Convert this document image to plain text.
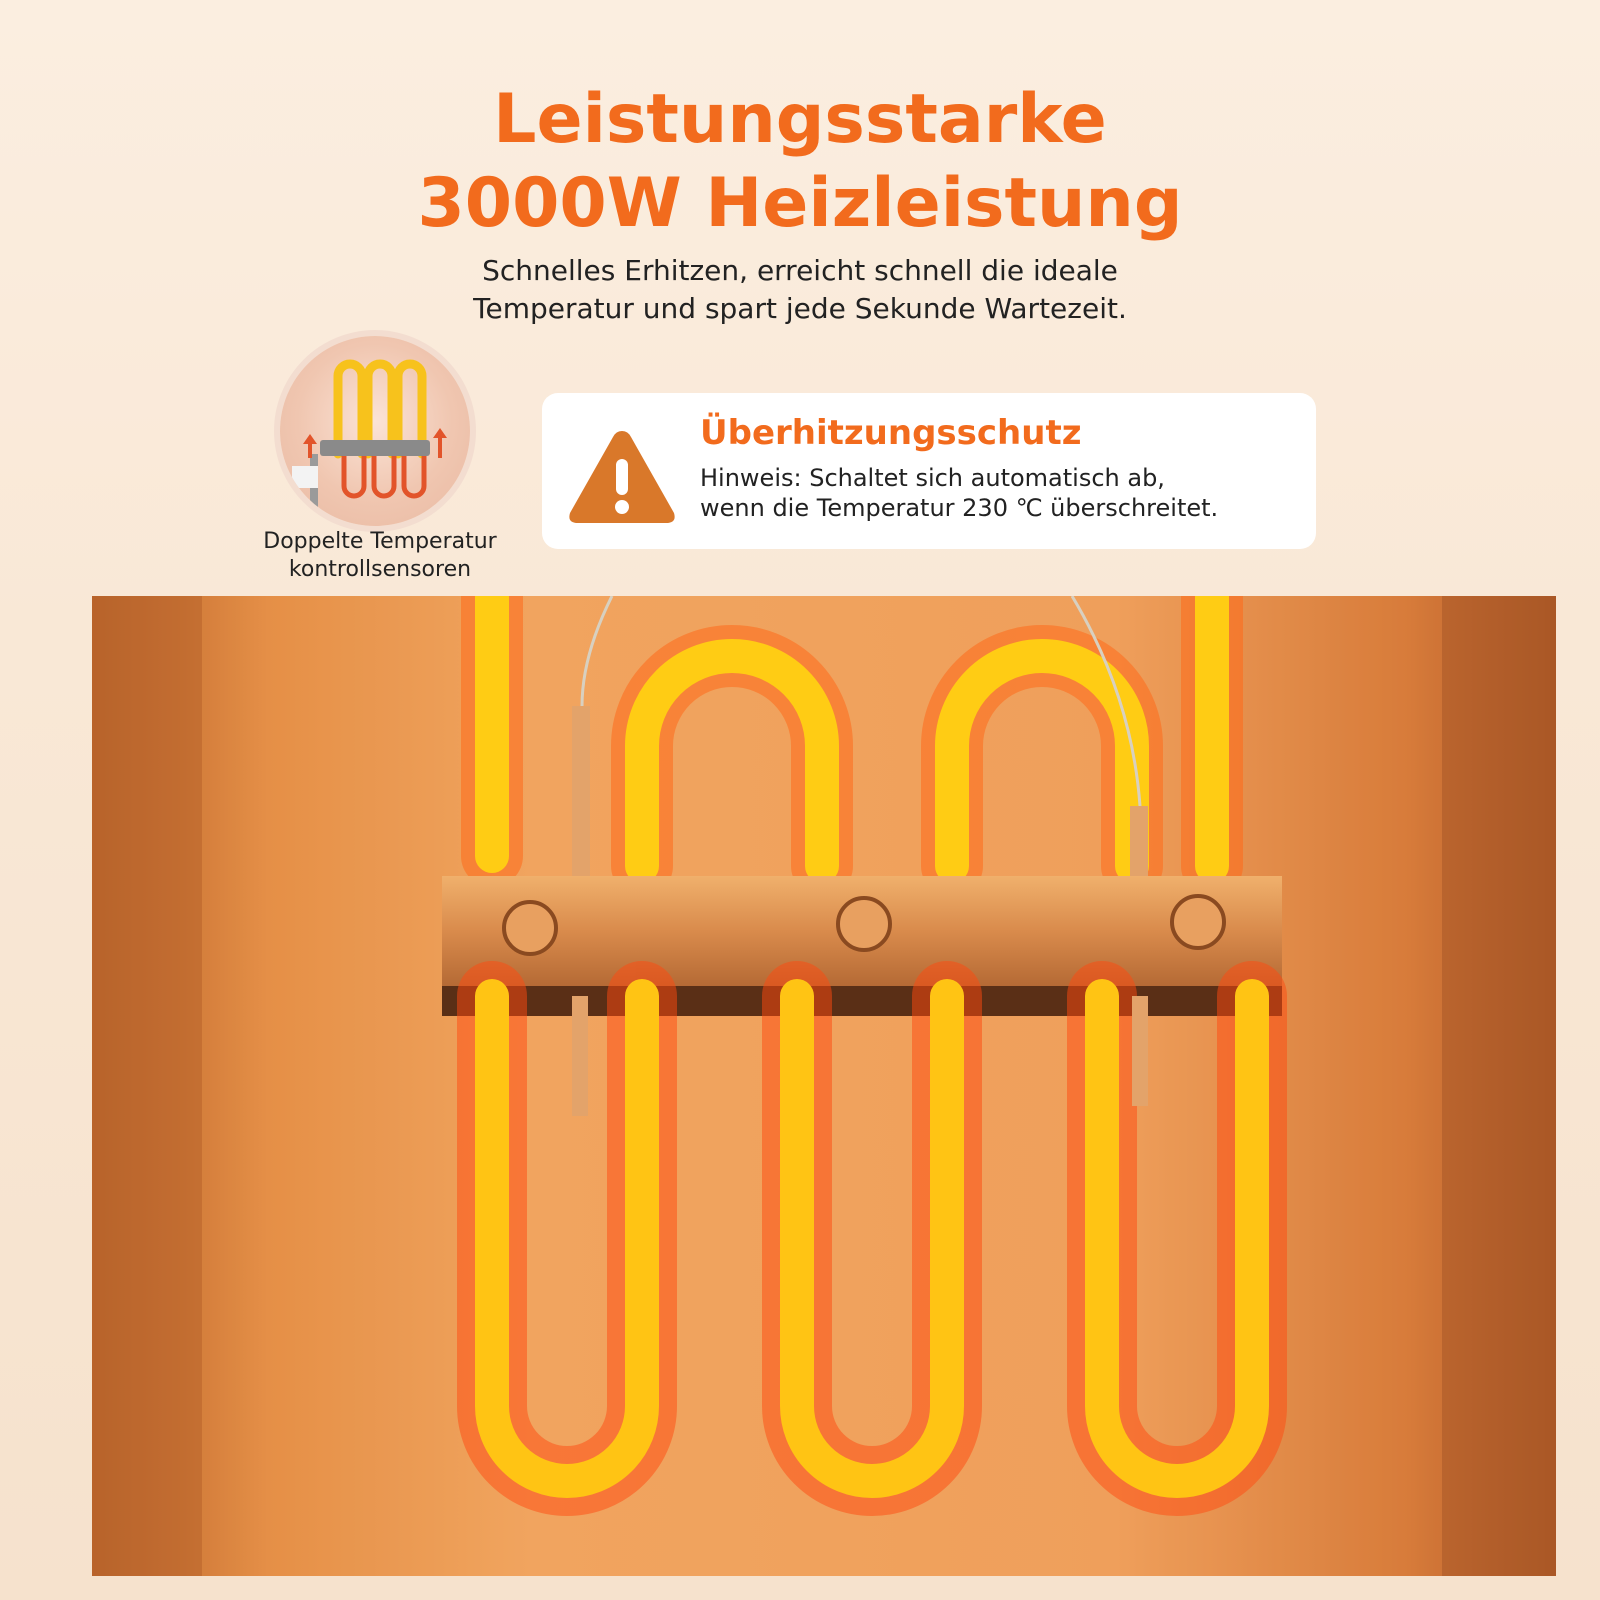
Leistungsstarke
3000W Heizleistung
Schnelles Erhitzen, erreicht schnell die ideale
Temperatur und spart jede Sekunde Wartezeit.
Doppelte Temperatur
kontrollsensoren
Überhitzungsschutz
Hinweis: Schaltet sich automatisch ab,
wenn die Temperatur 230 ℃ überschreitet.
